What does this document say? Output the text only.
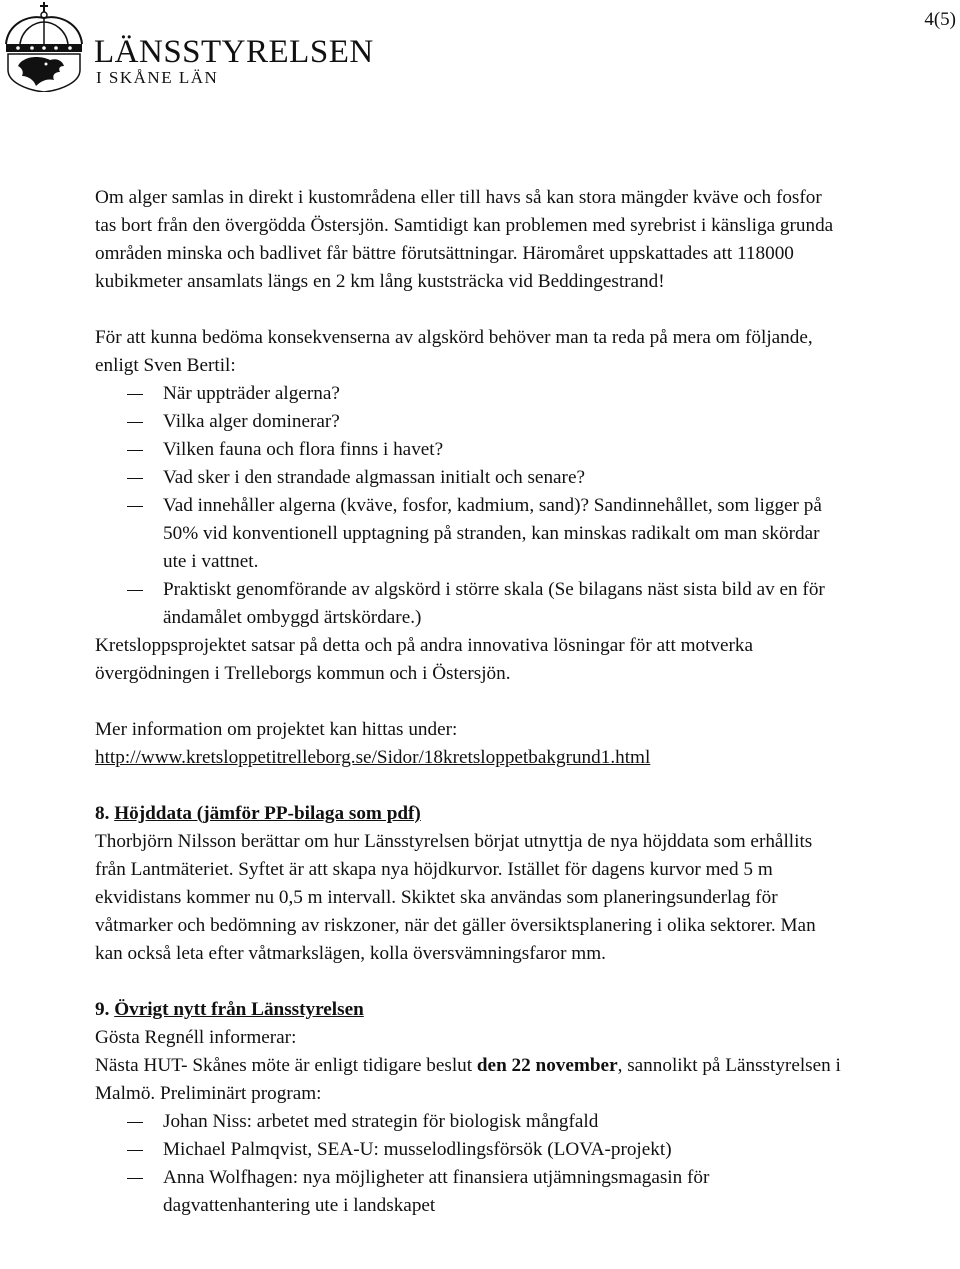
4(5)
LÄNSSTYRELSEN
I SKÅNE LÄN

Om alger samlas in direkt i kustområdena eller till havs så kan stora mängder kväve och fosfor tas bort från den övergödda Östersjön. Samtidigt kan problemen med syrebrist i känsliga grunda områden minska och badlivet får bättre förutsättningar. Häromåret uppskattades att 118000 kubikmeter ansamlats längs en 2 km lång kuststräcka vid Beddingestrand!

För att kunna bedöma konsekvenserna av algskörd behöver man ta reda på mera om följande, enligt Sven Bertil:

När uppträder algerna?
Vilka alger dominerar?
Vilken fauna och flora finns i havet?
Vad sker i den strandade algmassan initialt och senare?
Vad innehåller algerna (kväve, fosfor, kadmium, sand)? Sandinnehållet, som ligger på 50% vid konventionell upptagning på stranden, kan minskas radikalt om man skördar ute i vattnet.
Praktiskt genomförande av algskörd i större skala (Se bilagans näst sista bild av en för ändamålet ombyggd ärtskördare.)

Kretsloppsprojektet satsar på detta och på andra innovativa lösningar för att motverka övergödningen i Trelleborgs kommun och i Östersjön.

Mer information om projektet kan hittas under:

http://www.kretsloppetitrelleborg.se/Sidor/18kretsloppetbakgrund1.html

8. Höjddata (jämför PP-bilaga som pdf)

Thorbjörn Nilsson berättar om hur Länsstyrelsen börjat utnyttja de nya höjddata som erhållits från Lantmäteriet. Syftet är att skapa nya höjdkurvor. Istället för dagens kurvor med 5 m ekvidistans kommer nu 0,5 m intervall. Skiktet ska användas som planeringsunderlag för våtmarker och bedömning av riskzoner, när det gäller översiktsplanering i olika sektorer. Man kan också leta efter våtmarkslägen, kolla översvämningsfaror mm.

9. Övrigt nytt från Länsstyrelsen

Gösta Regnéll informerar:

Nästa HUT- Skånes möte är enligt tidigare beslut den 22 november, sannolikt på Länsstyrelsen i Malmö. Preliminärt program:

Johan Niss: arbetet med strategin för biologisk mångfald
Michael Palmqvist, SEA-U: musselodlingsförsök (LOVA-projekt)
Anna Wolfhagen: nya möjligheter att finansiera utjämningsmagasin för dagvattenhantering ute i landskapet
